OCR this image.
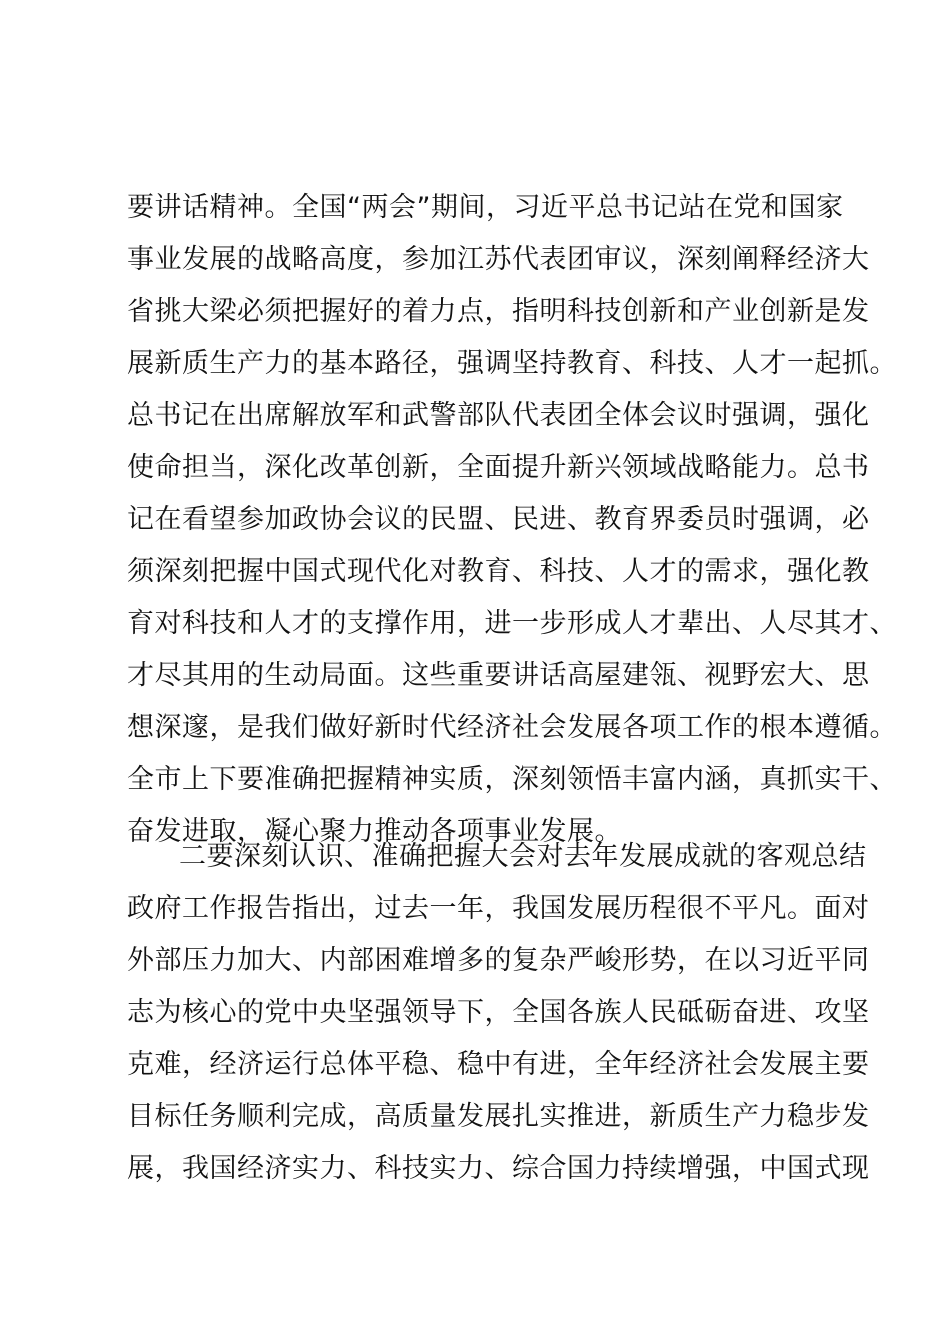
要讲话精神。全国“两会”期间，习近平总书记站在党和国家
事业发展的战略高度，参加江苏代表团审议，深刻阐释经济大
省挑大梁必须把握好的着力点，指明科技创新和产业创新是发
展新质生产力的基本路径，强调坚持教育、科技、人才一起抓。
总书记在出席解放军和武警部队代表团全体会议时强调，强化
使命担当，深化改革创新，全面提升新兴领域战略能力。总书
记在看望参加政协会议的民盟、民进、教育界委员时强调，必
须深刻把握中国式现代化对教育、科技、人才的需求，强化教
育对科技和人才的支撑作用，进一步形成人才辈出、人尽其才、
才尽其用的生动局面。这些重要讲话高屋建瓴、视野宏大、思
想深邃，是我们做好新时代经济社会发展各项工作的根本遵循。
全市上下要准确把握精神实质，深刻领悟丰富内涵，真抓实干、
奋发进取，凝心聚力推动各项事业发展。
二要深刻认识、准确把握大会对去年发展成就的客观总结
政府工作报告指出，过去一年，我国发展历程很不平凡。面对
外部压力加大、内部困难增多的复杂严峻形势，在以习近平同
志为核心的党中央坚强领导下，全国各族人民砥砺奋进、攻坚
克难，经济运行总体平稳、稳中有进，全年经济社会发展主要
目标任务顺利完成，高质量发展扎实推进，新质生产力稳步发
展，我国经济实力、科技实力、综合国力持续增强，中国式现
